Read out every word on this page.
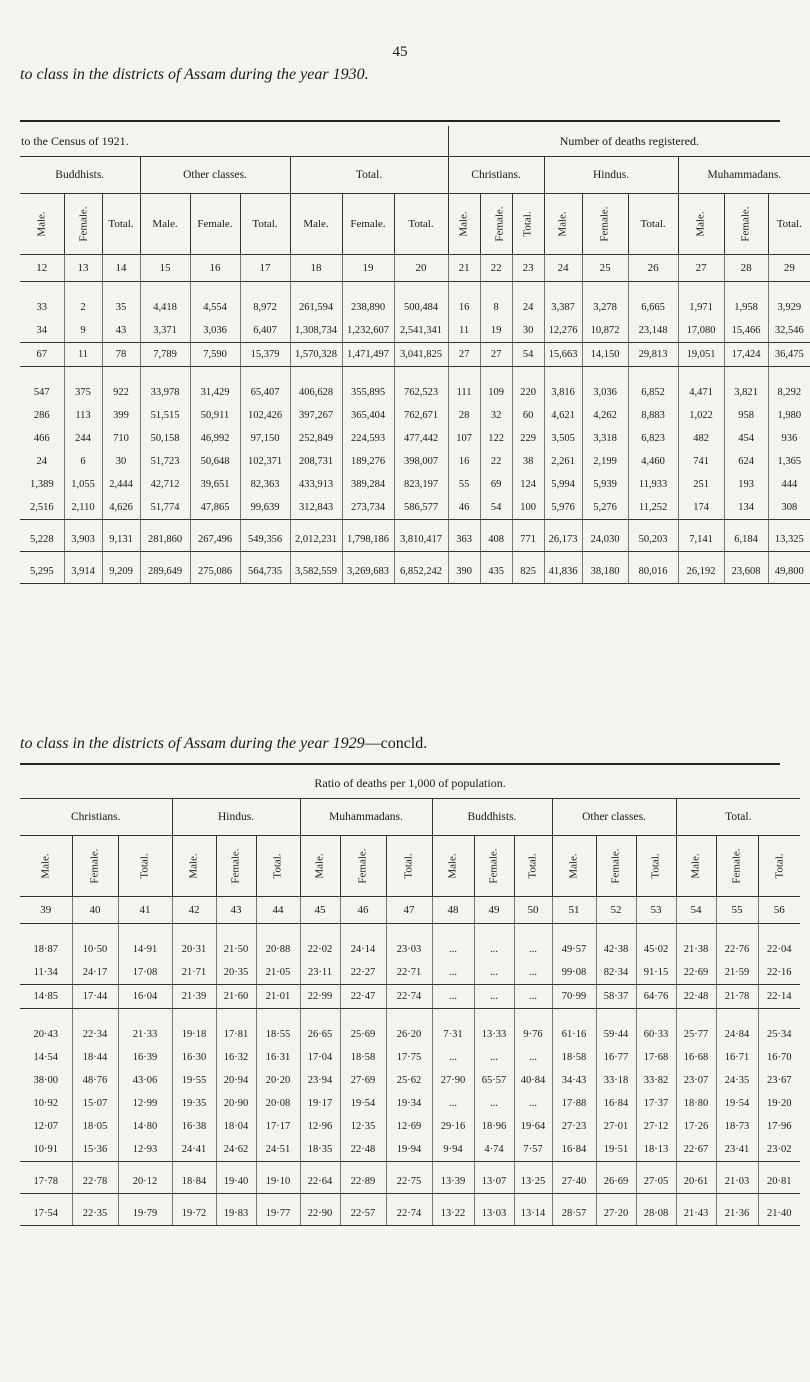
45
to class in the districts of Assam during the year 1930.
to the Census of 1921.									Number of deaths registered.								
Buddhists.			Other classes.			Total.			Christians.			Hindus.			Muhammadans.		
Male.	Female.	Total.	Male.	Female.	Total.	Male.	Female.	Total.	Male.	Female.	Total.	Male.	Female.	Total.	Male.	Female.	Total.
12	13	14	15	16	17	18	19	20	21	22	23	24	25	26	27	28	29

33	2	35	4,418	4,554	8,972	261,594	238,890	500,484	16	8	24	3,387	3,278	6,665	1,971	1,958	3,929
34	9	43	3,371	3,036	6,407	1,308,734	1,232,607	2,541,341	11	19	30	12,276	10,872	23,148	17,080	15,466	32,546
67	11	78	7,789	7,590	15,379	1,570,328	1,471,497	3,041,825	27	27	54	15,663	14,150	29,813	19,051	17,424	36,475

547	375	922	33,978	31,429	65,407	406,628	355,895	762,523	111	109	220	3,816	3,036	6,852	4,471	3,821	8,292
286	113	399	51,515	50,911	102,426	397,267	365,404	762,671	28	32	60	4,621	4,262	8,883	1,022	958	1,980
466	244	710	50,158	46,992	97,150	252,849	224,593	477,442	107	122	229	3,505	3,318	6,823	482	454	936
24	6	30	51,723	50,648	102,371	208,731	189,276	398,007	16	22	38	2,261	2,199	4,460	741	624	1,365
1,389	1,055	2,444	42,712	39,651	82,363	433,913	389,284	823,197	55	69	124	5,994	5,939	11,933	251	193	444
2,516	2,110	4,626	51,774	47,865	99,639	312,843	273,734	586,577	46	54	100	5,976	5,276	11,252	174	134	308

5,228	3,903	9,131	281,860	267,496	549,356	2,012,231	1,798,186	3,810,417	363	408	771	26,173	24,030	50,203	7,141	6,184	13,325

5,295	3,914	9,209	289,649	275,086	564,735	3,582,559	3,269,683	6,852,242	390	435	825	41,836	38,180	80,016	26,192	23,608	49,800
to class in the districts of Assam during the year 1929—concld.
Ratio of deaths per 1,000 of population.																	
Christians.			Hindus.			Muhammadans.			Buddhists.			Other classes.			Total.		
Male.	Female.	Total.	Male.	Female.	Total.	Male.	Female.	Total.	Male.	Female.	Total.	Male.	Female.	Total.	Male.	Female.	Total.
39	40	41	42	43	44	45	46	47	48	49	50	51	52	53	54	55	56

18·87	10·50	14·91	20·31	21·50	20·88	22·02	24·14	23·03	...	...	...	49·57	42·38	45·02	21·38	22·76	22·04
11·34	24·17	17·08	21·71	20·35	21·05	23·11	22·27	22·71	...	...	...	99·08	82·34	91·15	22·69	21·59	22·16
14·85	17·44	16·04	21·39	21·60	21·01	22·99	22·47	22·74	...	...	...	70·99	58·37	64·76	22·48	21·78	22·14

20·43	22·34	21·33	19·18	17·81	18·55	26·65	25·69	26·20	7·31	13·33	9·76	61·16	59·44	60·33	25·77	24·84	25·34
14·54	18·44	16·39	16·30	16·32	16·31	17·04	18·58	17·75	...	...	...	18·58	16·77	17·68	16·68	16·71	16·70
38·00	48·76	43·06	19·55	20·94	20·20	23·94	27·69	25·62	27·90	65·57	40·84	34·43	33·18	33·82	23·07	24·35	23·67
10·92	15·07	12·99	19·35	20·90	20·08	19·17	19·54	19·34	...	...	...	17·88	16·84	17·37	18·80	19·54	19·20
12·07	18·05	14·80	16·38	18·04	17·17	12·96	12·35	12·69	29·16	18·96	19·64	27·23	27·01	27·12	17·26	18·73	17·96
10·91	15·36	12·93	24·41	24·62	24·51	18·35	22·48	19·94	9·94	4·74	7·57	16·84	19·51	18·13	22·67	23·41	23·02

17·78	22·78	20·12	18·84	19·40	19·10	22·64	22·89	22·75	13·39	13·07	13·25	27·40	26·69	27·05	20·61	21·03	20·81

17·54	22·35	19·79	19·72	19·83	19·77	22·90	22·57	22·74	13·22	13·03	13·14	28·57	27·20	28·08	21·43	21·36	21·40
